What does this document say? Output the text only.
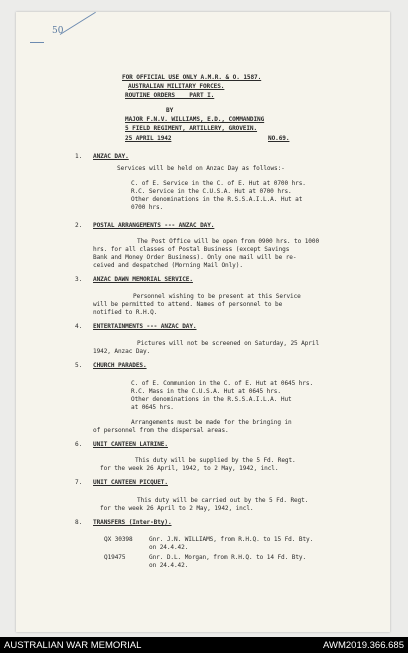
50
FOR OFFICIAL USE ONLY A.M.R. & O. 1587.
AUSTRALIAN MILITARY FORCES.
ROUTINE ORDERS    PART I.
BY
MAJOR F.N.V. WILLIAMS, E.D., COMMANDING
5 FIELD REGIMENT, ARTILLERY, GROVEIN.
25 APRIL 1942	NO.69.
1. ANZAC DAY.
Services will be held on Anzac Day as follows:-
C. of E. Service in the C. of E. Hut at 0700 hrs.
R.C. Service in the C.U.S.A. Hut at 0700 hrs.
Other denominations in the R.S.S.A.I.L.A. Hut at
0700 hrs.
2. POSTAL ARRANGEMENTS --- ANZAC DAY.
The Post Office will be open from 0900 hrs. to 1000
hrs. for all classes of Postal Business (except Savings
Bank and Money Order Business). Only one mail will be re-
ceived and despatched (Morning Mail Only).
3. ANZAC DAWN MEMORIAL SERVICE.
Personnel wishing to be present at this Service
will be permitted to attend. Names of personnel to be
notified to R.H.Q.
4. ENTERTAINMENTS --- ANZAC DAY.
Pictures will not be screened on Saturday, 25 April
1942, Anzac Day.
5. CHURCH PARADES.
C. of E. Communion in the C. of E. Hut at 0645 hrs.
R.C. Mass in the C.U.S.A. Hut at 0645 hrs.
Other denominations in the R.S.S.A.I.L.A. Hut
at 0645 hrs.
Arrangements must be made for the bringing in
of personnel from the dispersal areas.
6. UNIT CANTEEN LATRINE.
This duty will be supplied by the 5 Fd. Regt.
for the week 26 April, 1942, to 2 May, 1942, incl.
7. UNIT CANTEEN PICQUET.
This duty will be carried out by the 5 Fd. Regt.
for the week 26 April to 2 May, 1942, incl.
8. TRANSFERS (Inter-Bty).
QX 30398	Gnr. J.N. WILLIAMS, from R.H.Q. to 15 Fd. Bty.
on 24.4.42.
Q19475	Gnr. D.L. Morgan, from R.H.Q. to 14 Fd. Bty.
on 24.4.42.
AUSTRALIAN WAR MEMORIAL	AWM2019.366.685
